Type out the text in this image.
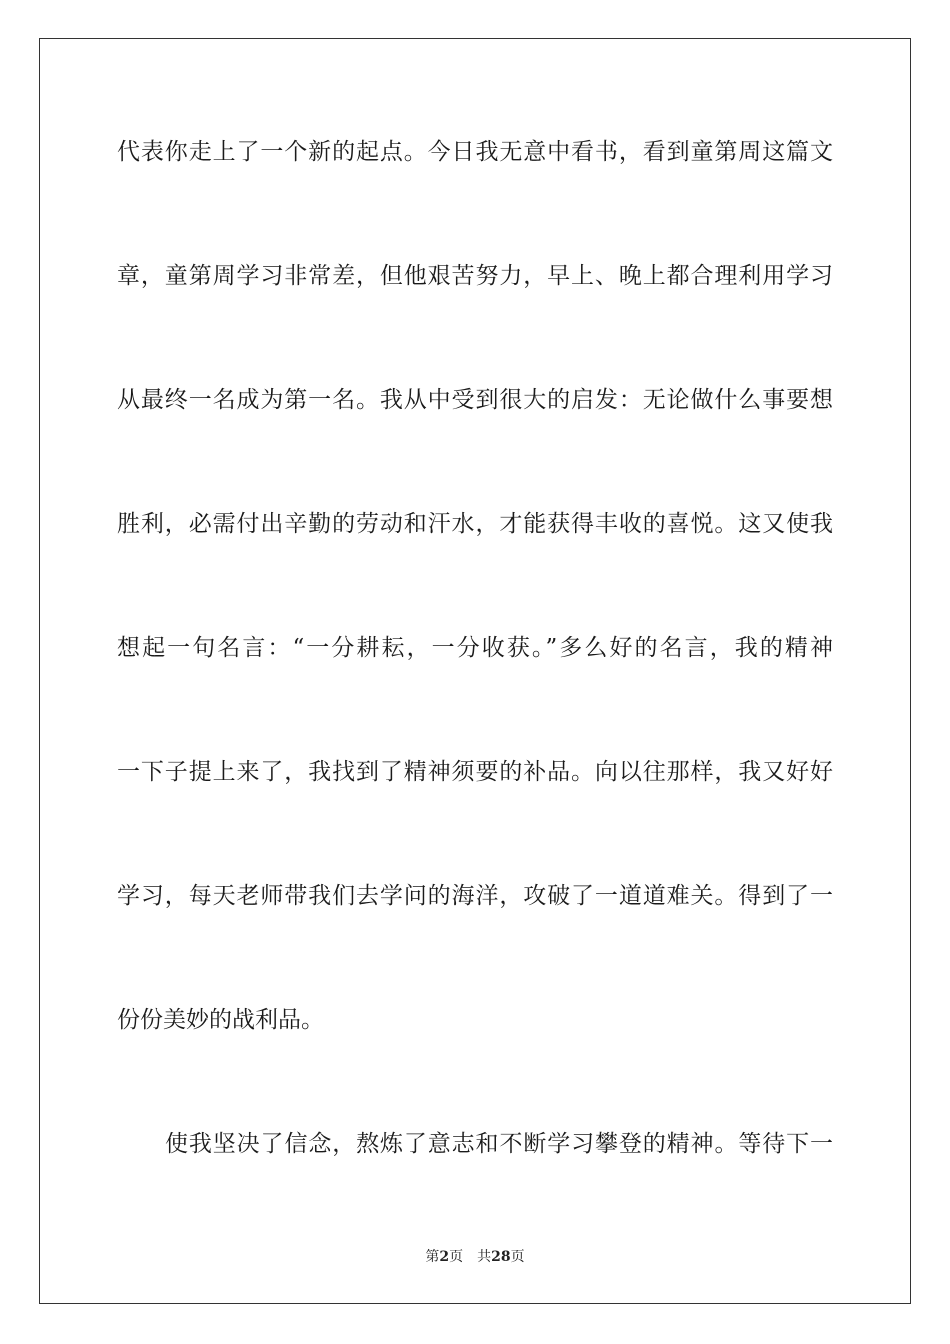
代表你走上了一个新的起点。今日我无意中看书，看到童第周这篇文
章，童第周学习非常差，但他艰苦努力，早上、晚上都合理利用学习
从最终一名成为第一名。我从中受到很大的启发：无论做什么事要想
胜利，必需付出辛勤的劳动和汗水，才能获得丰收的喜悦。这又使我
想起一句名言：“一分耕耘，一分收获。”多么好的名言，我的精神
一下子提上来了，我找到了精神须要的补品。向以往那样，我又好好
学习，每天老师带我们去学问的海洋，攻破了一道道难关。得到了一
份份美妙的战利品。
使我坚决了信念，熬炼了意志和不断学习攀登的精神。等待下一
第2页 共28页
